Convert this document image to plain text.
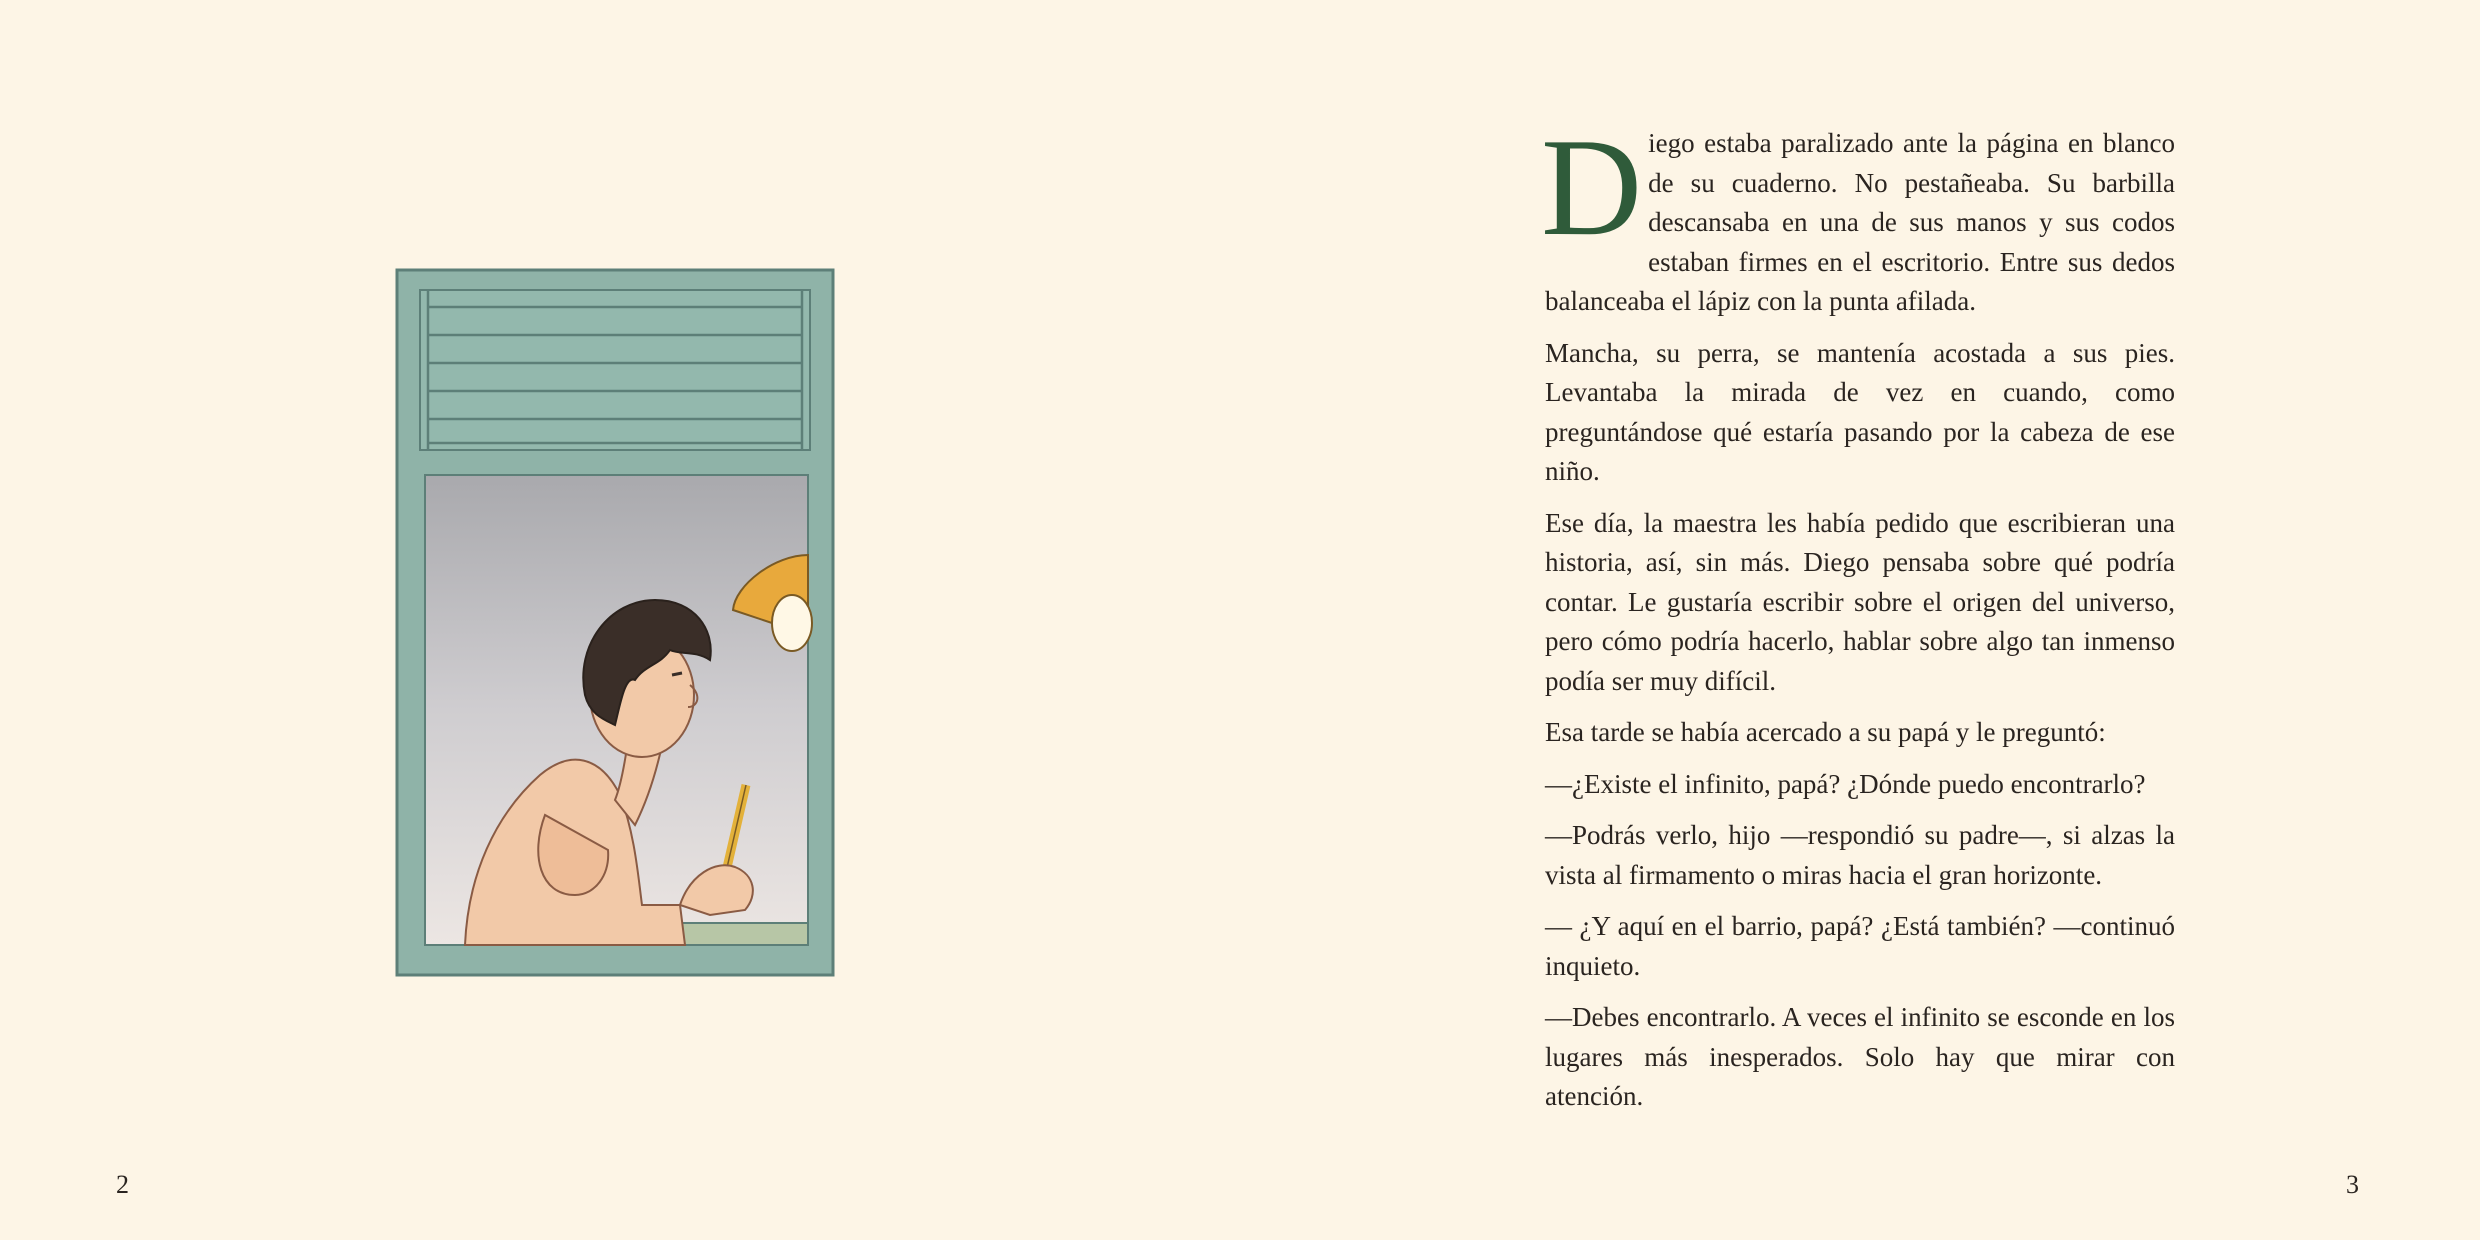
2

Diego estaba paralizado ante la página en blanco de su cuaderno. No pestañeaba. Su barbilla descansaba en una de sus manos y sus codos estaban firmes en el escritorio. Entre sus dedos balanceaba el lápiz con la punta afilada.

Mancha, su perra, se mantenía acostada a sus pies. Levantaba la mirada de vez en cuando, como preguntándose qué estaría pasando por la cabeza de ese niño.

Ese día, la maestra les había pedido que escribieran una historia, así, sin más. Diego pensaba sobre qué podría contar. Le gustaría escribir sobre el origen del universo, pero cómo podría hacerlo, hablar sobre algo tan inmenso podía ser muy difícil.

Esa tarde se había acercado a su papá y le preguntó:

—¿Existe el infinito, papá? ¿Dónde puedo encontrarlo?

—Podrás verlo, hijo —respondió su padre—, si alzas la vista al firmamento o miras hacia el gran horizonte.

— ¿Y aquí en el barrio, papá? ¿Está también? —continuó inquieto.

—Debes encontrarlo. A veces el infinito se esconde en los lugares más inesperados. Solo hay que mirar con atención.

3
